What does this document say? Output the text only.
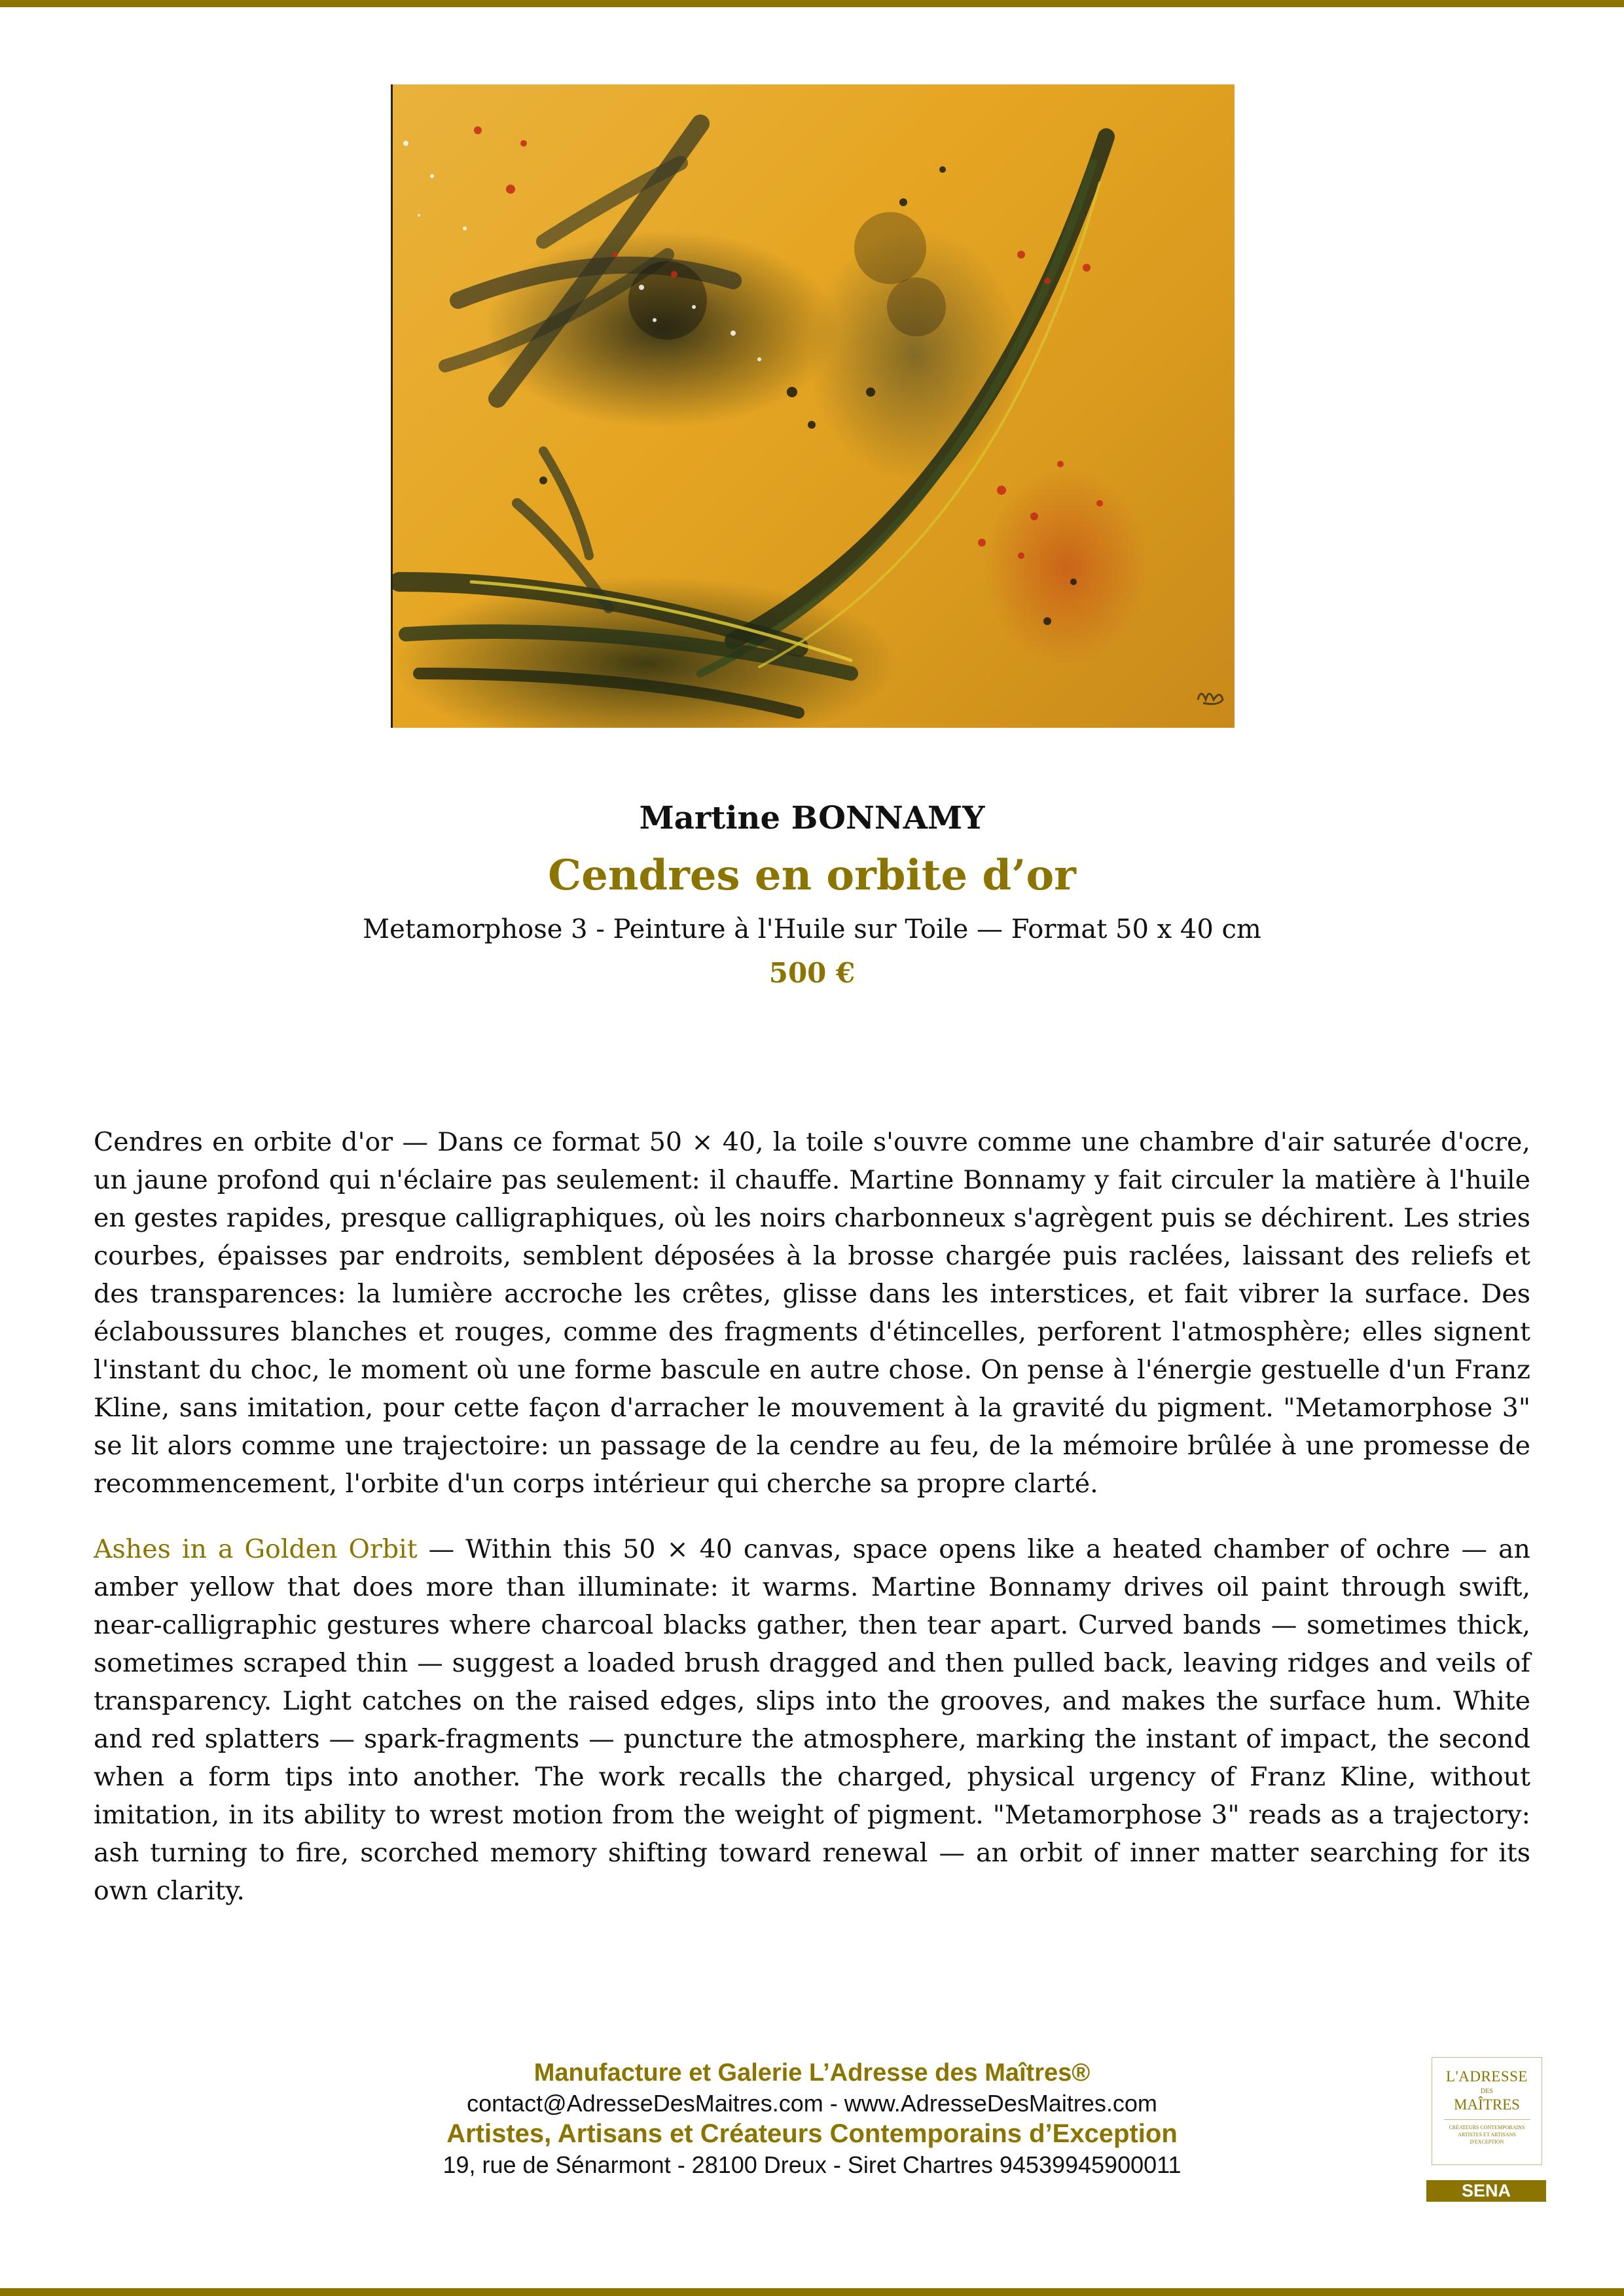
Martine BONNAMY
Cendres en orbite d’or
Metamorphose 3 - Peinture à l'Huile sur Toile — Format 50 x 40 cm
500 €

Cendres en orbite d'or — Dans ce format 50 × 40, la toile s'ouvre comme une chambre d'air saturée d'ocre, un jaune profond qui n'éclaire pas seulement: il chauffe. Martine Bonnamy y fait circuler la matière à l'huile en gestes rapides, presque calligraphiques, où les noirs charbonneux s'agrègent puis se déchirent. Les stries courbes, épaisses par endroits, semblent déposées à la brosse chargée puis raclées, laissant des reliefs et des transparences: la lumière accroche les crêtes, glisse dans les interstices, et fait vibrer la surface. Des éclaboussures blanches et rouges, comme des fragments d'étincelles, perforent l'atmosphère; elles signent l'instant du choc, le moment où une forme bascule en autre chose. On pense à l'énergie gestuelle d'un Franz Kline, sans imitation, pour cette façon d'arracher le mouvement à la gravité du pigment. "Metamorphose 3" se lit alors comme une trajectoire: un passage de la cendre au feu, de la mémoire brûlée à une promesse de recommencement, l'orbite d'un corps intérieur qui cherche sa propre clarté.

Ashes in a Golden Orbit — Within this 50 × 40 canvas, space opens like a heated chamber of ochre — an amber yellow that does more than illuminate: it warms. Martine Bonnamy drives oil paint through swift, near-calligraphic gestures where charcoal blacks gather, then tear apart. Curved bands — sometimes thick, sometimes scraped thin — suggest a loaded brush dragged and then pulled back, leaving ridges and veils of transparency. Light catches on the raised edges, slips into the grooves, and makes the surface hum. White and red splatters — spark-fragments — puncture the atmosphere, marking the instant of impact, the second when a form tips into another. The work recalls the charged, physical urgency of Franz Kline, without imitation, in its ability to wrest motion from the weight of pigment. "Metamorphose 3" reads as a trajectory: ash turning to fire, scorched memory shifting toward renewal — an orbit of inner matter searching for its own clarity.

Manufacture et Galerie L’Adresse des Maîtres®
contact@AdresseDesMaitres.com - www.AdresseDesMaitres.com
Artistes, Artisans et Créateurs Contemporains d’Exception
19, rue de Sénarmont - 28100 Dreux - Siret Chartres 94539945900011
L'ADRESSE
DES
MAÎTRES
CRÉATEURS CONTEMPORAINS
ARTISTES ET ARTISANS
D'EXCEPTION
SENA
